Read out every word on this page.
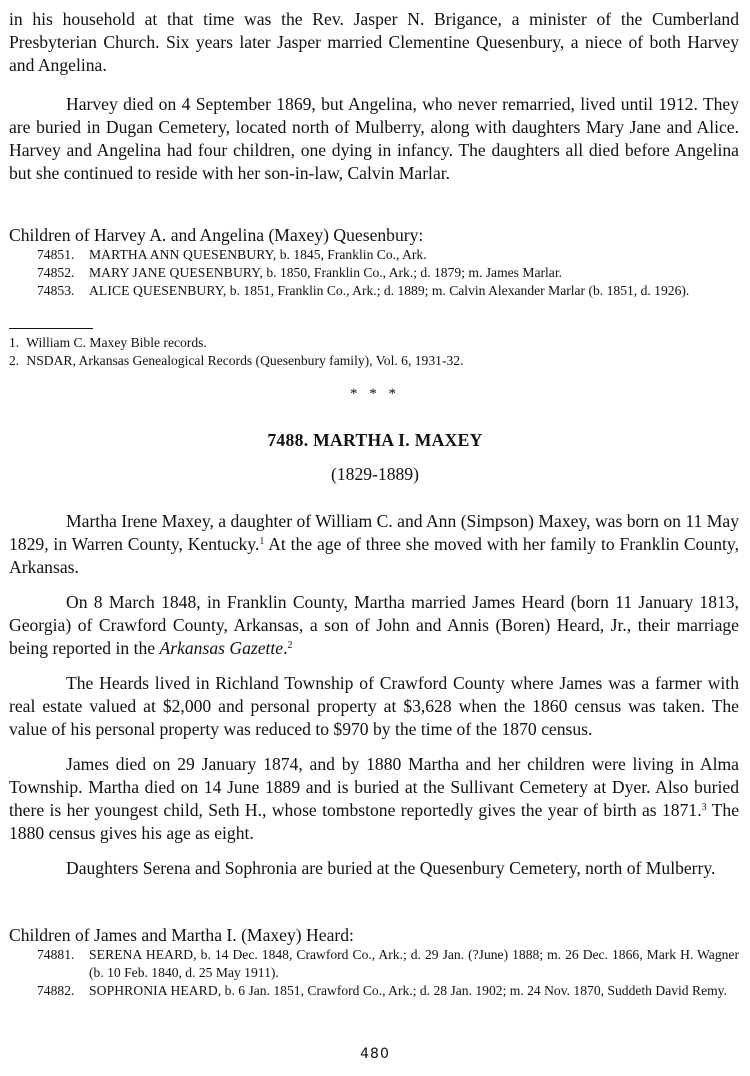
in his household at that time was the Rev. Jasper N. Brigance, a minister of the Cumberland Presbyterian Church. Six years later Jasper married Clementine Quesenbury, a niece of both Harvey and Angelina.

Harvey died on 4 September 1869, but Angelina, who never remarried, lived until 1912. They are buried in Dugan Cemetery, located north of Mulberry, along with daughters Mary Jane and Alice. Harvey and Angelina had four children, one dying in infancy. The daughters all died before Angelina but she continued to reside with her son-in-law, Calvin Marlar.

Children of Harvey A. and Angelina (Maxey) Quesenbury:

74851. MARTHA ANN QUESENBURY, b. 1845, Franklin Co., Ark.

74852. MARY JANE QUESENBURY, b. 1850, Franklin Co., Ark.; d. 1879; m. James Marlar.

74853. ALICE QUESENBURY, b. 1851, Franklin Co., Ark.; d. 1889; m. Calvin Alexander Marlar (b. 1851, d. 1926).

1. William C. Maxey Bible records.

2. NSDAR, Arkansas Genealogical Records (Quesenbury family), Vol. 6, 1931-32.

* * *
7488. MARTHA I. MAXEY
(1829-1889)

Martha Irene Maxey, a daughter of William C. and Ann (Simpson) Maxey, was born on 11 May 1829, in Warren County, Kentucky.$^1$ At the age of three she moved with her family to Franklin County, Arkansas.

On 8 March 1848, in Franklin County, Martha married James Heard (born 11 January 1813, Georgia) of Crawford County, Arkansas, a son of John and Annis (Boren) Heard, Jr., their marriage being reported in the Arkansas Gazette.$^2$

The Heards lived in Richland Township of Crawford County where James was a farmer with real estate valued at $2,000 and personal property at $3,628 when the 1860 census was taken. The value of his personal property was reduced to $970 by the time of the 1870 census.

James died on 29 January 1874, and by 1880 Martha and her children were living in Alma Township. Martha died on 14 June 1889 and is buried at the Sullivant Cemetery at Dyer. Also buried there is her youngest child, Seth H., whose tombstone reportedly gives the year of birth as 1871.$^3$ The 1880 census gives his age as eight.

Daughters Serena and Sophronia are buried at the Quesenbury Cemetery, north of Mulberry.

Children of James and Martha I. (Maxey) Heard:

74881. SERENA HEARD, b. 14 Dec. 1848, Crawford Co., Ark.; d. 29 Jan. (?June) 1888; m. 26 Dec. 1866, Mark H. Wagner (b. 10 Feb. 1840, d. 25 May 1911).

74882. SOPHRONIA HEARD, b. 6 Jan. 1851, Crawford Co., Ark.; d. 28 Jan. 1902; m. 24 Nov. 1870, Suddeth David Remy.

480
